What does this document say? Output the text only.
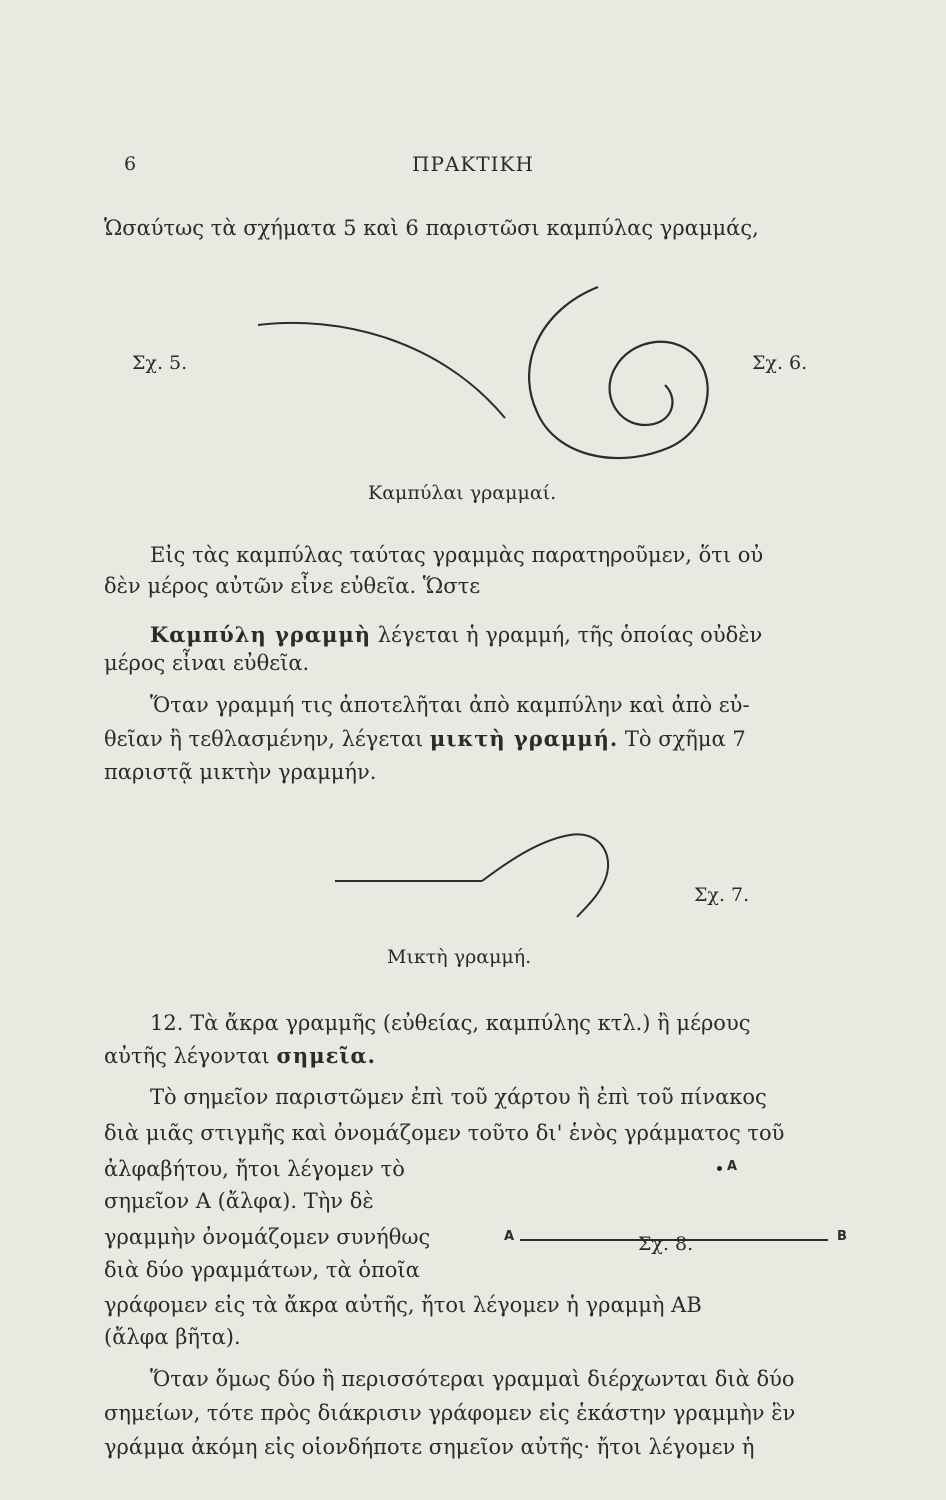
6	ΠΡΑΚΤΙΚΗ
Ὡσαύτως τὰ σχήματα 5 καὶ 6 παριστῶσι καμπύλας γραμμάς,
Σχ. 5.	Σχ. 6.
Καμπύλαι γραμμαί.
Εἰς τὰς καμπύλας ταύτας γραμμὰς παρατηροῦμεν, ὅτι οὐ
δὲν μέρος αὐτῶν εἶνε εὐθεῖα. Ὥστε
Καμπύλη γραμμὴ λέγεται ἡ γραμμή, τῆς ὁποίας οὐδὲν
μέρος εἶναι εὐθεῖα.
Ὅταν γραμμή τις ἀποτελῆται ἀπὸ καμπύλην καὶ ἀπὸ εὐ-
θεῖαν ἢ τεθλασμένην, λέγεται μικτὴ γραμμή. Τὸ σχῆμα 7
παριστᾷ μικτὴν γραμμήν.
Σχ. 7.
Μικτὴ γραμμή.
12. Τὰ ἄκρα γραμμῆς (εὐθείας, καμπύλης κτλ.) ἢ μέρους
αὐτῆς λέγονται σημεῖα.
Τὸ σημεῖον παριστῶμεν ἐπὶ τοῦ χάρτου ἢ ἐπὶ τοῦ πίνακος
διὰ μιᾶς στιγμῆς καὶ ὀνομάζομεν τοῦτο δι' ἑνὸς γράμματος τοῦ
ἀλφαβήτου, ἤτοι λέγομεν τὸ
σημεῖον Α (ἄλφα). Τὴν δὲ
γραμμὴν ὀνομάζομεν συνήθως
διὰ δύο γραμμάτων, τὰ ὁποῖα
Α
Α	Β
Σχ. 8.
γράφομεν εἰς τὰ ἄκρα αὐτῆς, ἤτοι λέγομεν ἡ γραμμὴ ΑΒ
(ἄλφα βῆτα).
Ὅταν ὅμως δύο ἢ περισσότεραι γραμμαὶ διέρχωνται διὰ δύο
σημείων, τότε πρὸς διάκρισιν γράφομεν εἰς ἑκάστην γραμμὴν ἓν
γράμμα ἀκόμη εἰς οἱονδήποτε σημεῖον αὐτῆς· ἤτοι λέγομεν ἡ
